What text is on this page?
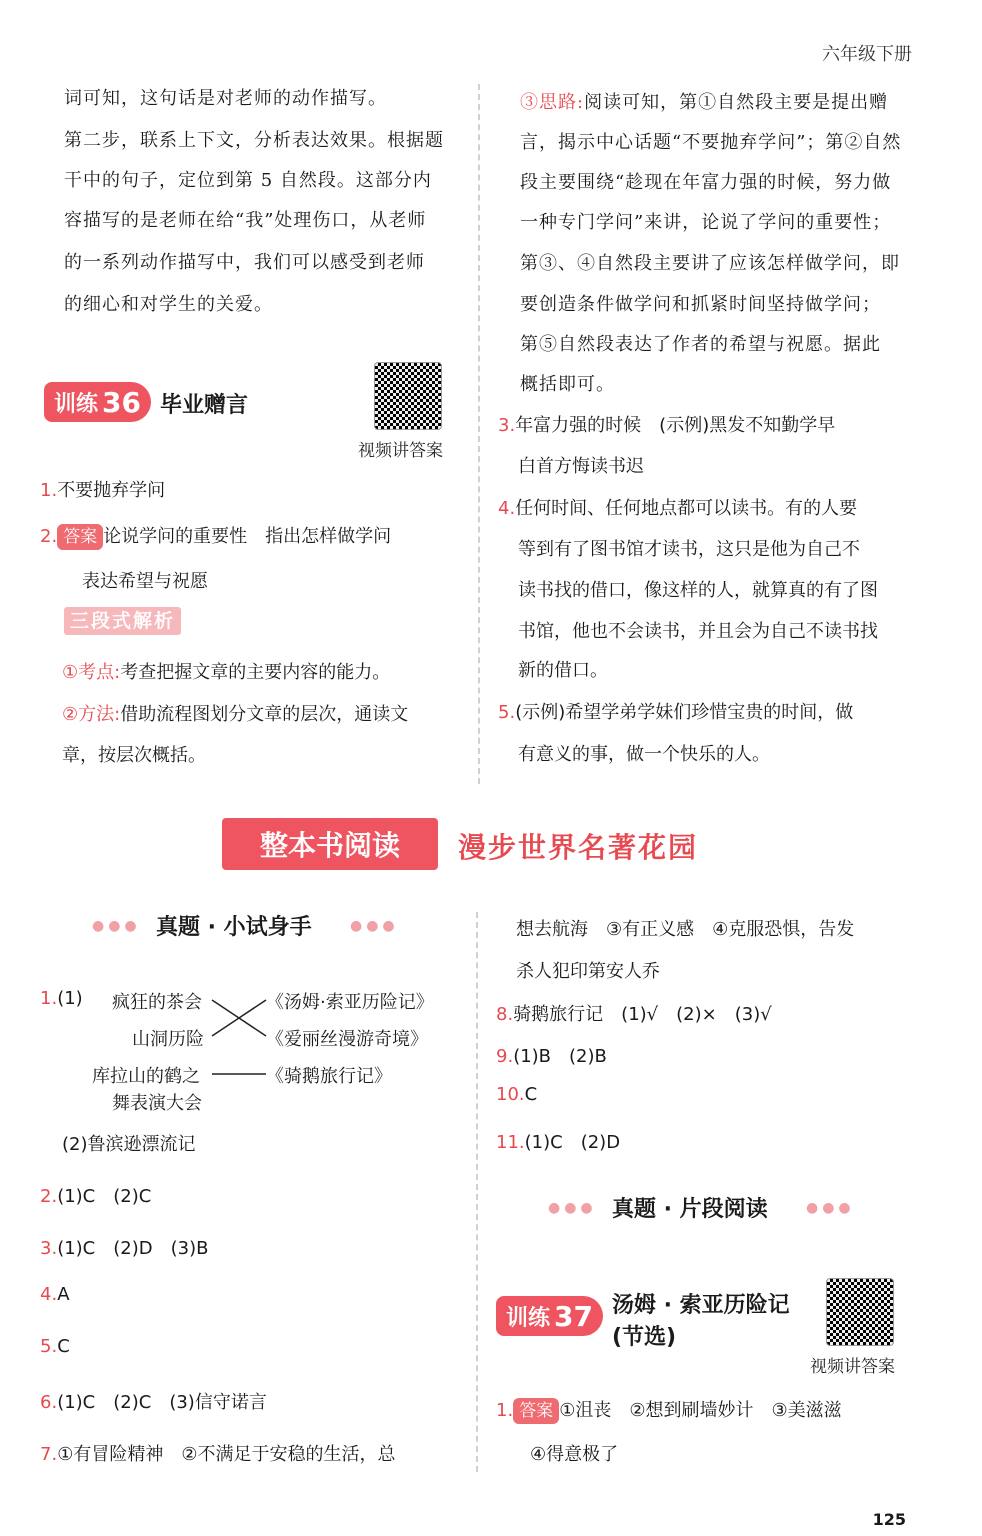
六年级下册
词可知，这句话是对老师的动作描写。
第二步，联系上下文，分析表达效果。根据题
干中的句子，定位到第 5 自然段。这部分内
容描写的是老师在给“我”处理伤口，从老师
的一系列动作描写中，我们可以感受到老师
的细心和对学生的关爱。
训练 36 毕业赠言
视频讲答案
1.不要抛弃学问
2. 答案 论说学问的重要性　指出怎样做学问
表达希望与祝愿
三段式解析
①考点:考查把握文章的主要内容的能力。
②方法:借助流程图划分文章的层次，通读文
章，按层次概括。
③思路:阅读可知，第①自然段主要是提出赠
言，揭示中心话题“不要抛弃学问”；第②自然
段主要围绕“趁现在年富力强的时候，努力做
一种专门学问”来讲，论说了学问的重要性；
第③、④自然段主要讲了应该怎样做学问，即
要创造条件做学问和抓紧时间坚持做学问；
第⑤自然段表达了作者的希望与祝愿。据此
概括即可。
3.年富力强的时候　(示例)黑发不知勤学早
白首方悔读书迟
4.任何时间、任何地点都可以读书。有的人要
等到有了图书馆才读书，这只是他为自己不
读书找的借口，像这样的人，就算真的有了图
书馆，他也不会读书，并且会为自己不读书找
新的借口。
5.(示例)希望学弟学妹们珍惜宝贵的时间，做
有意义的事，做一个快乐的人。
整本书阅读	漫步世界名著花园
●●● 真题 · 小试身手	●●●
1.(1) 疯狂的茶会
山洞历险
库拉山的鹤之
舞表演大会
《汤姆·索亚历险记》
《爱丽丝漫游奇境》
《骑鹅旅行记》
(2)鲁滨逊漂流记
2.(1)C　(2)C
3.(1)C　(2)D　(3)B
4.A
5.C
6.(1)C　(2)C　(3)信守诺言
7.①有冒险精神　②不满足于安稳的生活，总
想去航海　③有正义感　④克服恐惧，告发
杀人犯印第安人乔
8.骑鹅旅行记　(1)√　(2)×　(3)√
9.(1)B　(2)B
10.C
11.(1)C　(2)D
●●● 真题 · 片段阅读	●●●
训练 37 汤姆 · 索亚历险记
(节选)
视频讲答案
1. 答案 ①沮丧　②想到刷墙妙计　③美滋滋
④得意极了
125
